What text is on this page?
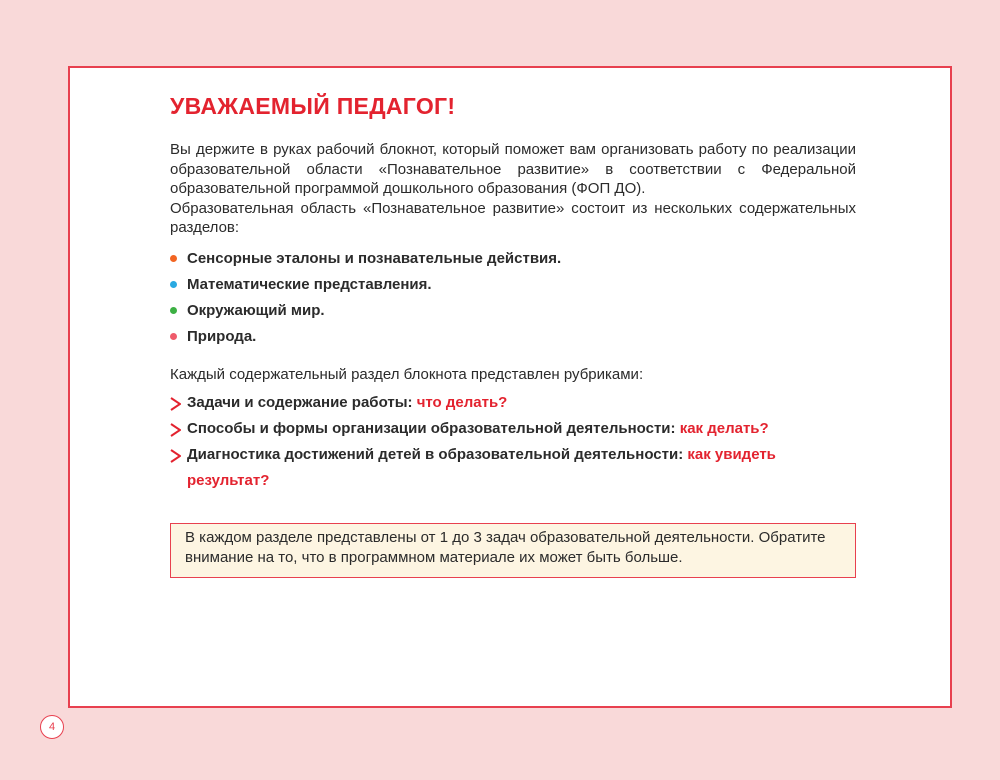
УВАЖАЕМЫЙ ПЕДАГОГ!

Вы держите в руках рабочий блокнот, который поможет вам организовать работу по реализации образовательной области «Познавательное развитие» в соответствии с Федеральной образовательной программой дошкольного образования (ФОП ДО).

Образовательная область «Познавательное развитие» состоит из нескольких содержательных разделов:

Сенсорные эталоны и познавательные действия.
Математические представления.
Окружающий мир.
Природа.
Каждый содержательный раздел блокнота представлен рубриками:
Задачи и содержание работы: что делать?
Способы и формы организации образовательной деятельности: как делать?
Диагностика достижений детей в образовательной деятельности: как увидеть результат?
В каждом разделе представлены от 1 до 3 задач образовательной деятельности. Обратите внимание на то, что в программном материале их может быть больше.
4
